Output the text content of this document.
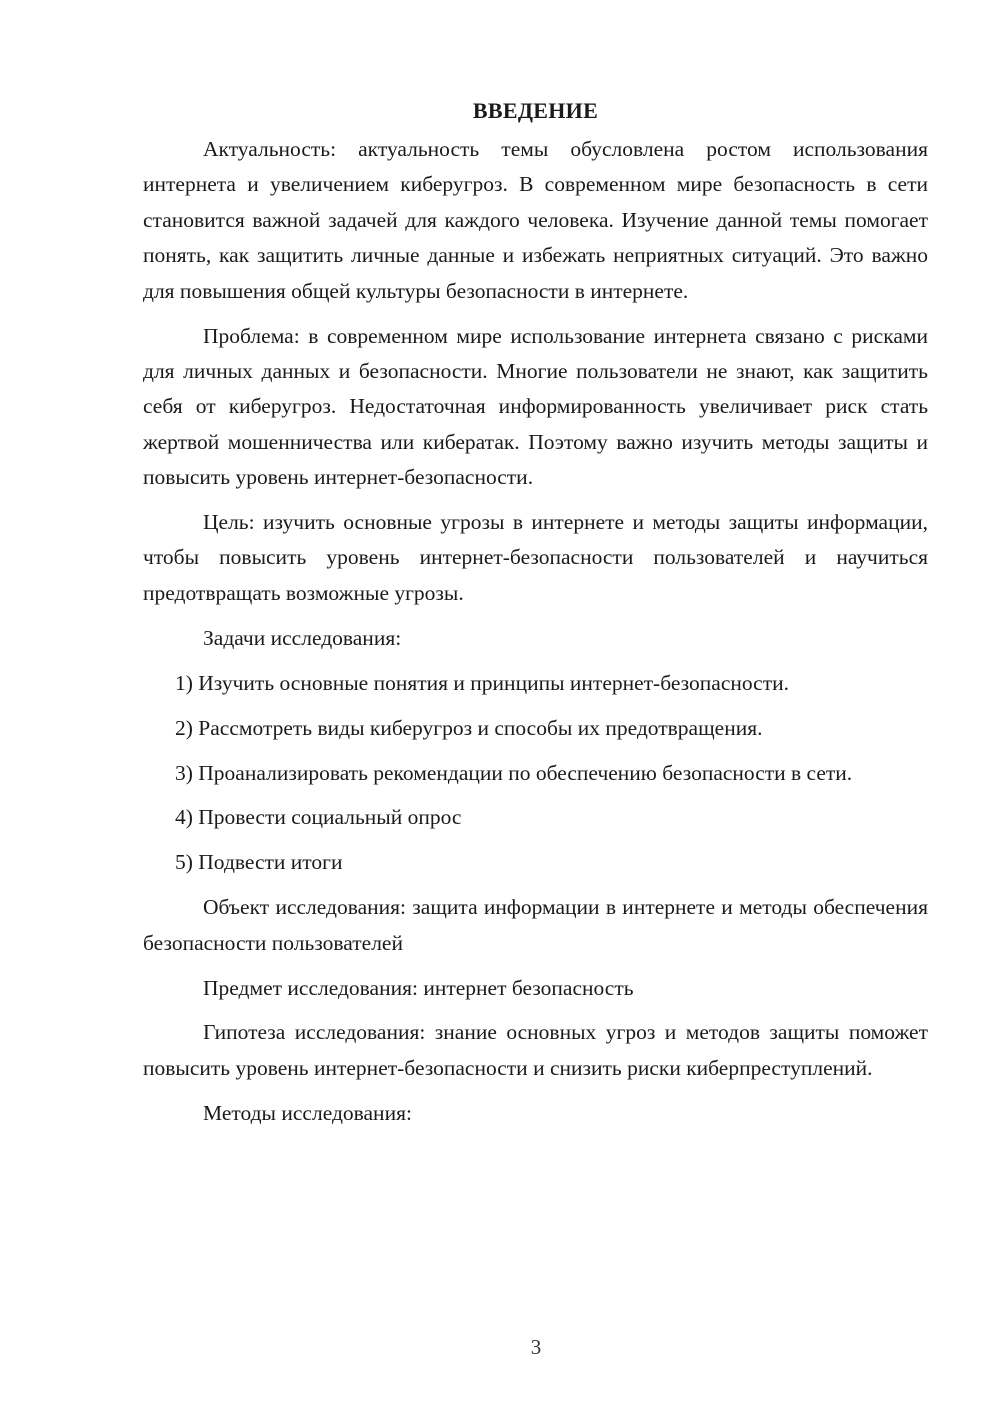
ВВЕДЕНИЕ

Актуальность: актуальность темы обусловлена ростом использования интернета и увеличением киберугроз. В современном мире безопасность в сети становится важной задачей для каждого человека. Изучение данной темы помогает понять, как защитить личные данные и избежать неприятных ситуаций. Это важно для повышения общей культуры безопасности в интернете.

Проблема: в современном мире использование интернета связано с рисками для личных данных и безопасности. Многие пользователи не знают, как защитить себя от киберугроз. Недостаточная информированность увеличивает риск стать жертвой мошенничества или кибератак. Поэтому важно изучить методы защиты и повысить уровень интернет-безопасности.

Цель: изучить основные угрозы в интернете и методы защиты информации, чтобы повысить уровень интернет-безопасности пользователей и научиться предотвращать возможные угрозы.

Задачи исследования:

1) Изучить основные понятия и принципы интернет-безопасности.

2) Рассмотреть виды киберугроз и способы их предотвращения.

3) Проанализировать рекомендации по обеспечению безопасности в сети.

4) Провести социальный опрос

5) Подвести итоги

Объект исследования: защита информации в интернете и методы обеспечения безопасности пользователей

Предмет исследования: интернет безопасность

Гипотеза исследования: знание основных угроз и методов защиты поможет повысить уровень интернет-безопасности и снизить риски киберпреступлений.

Методы исследования:

3
